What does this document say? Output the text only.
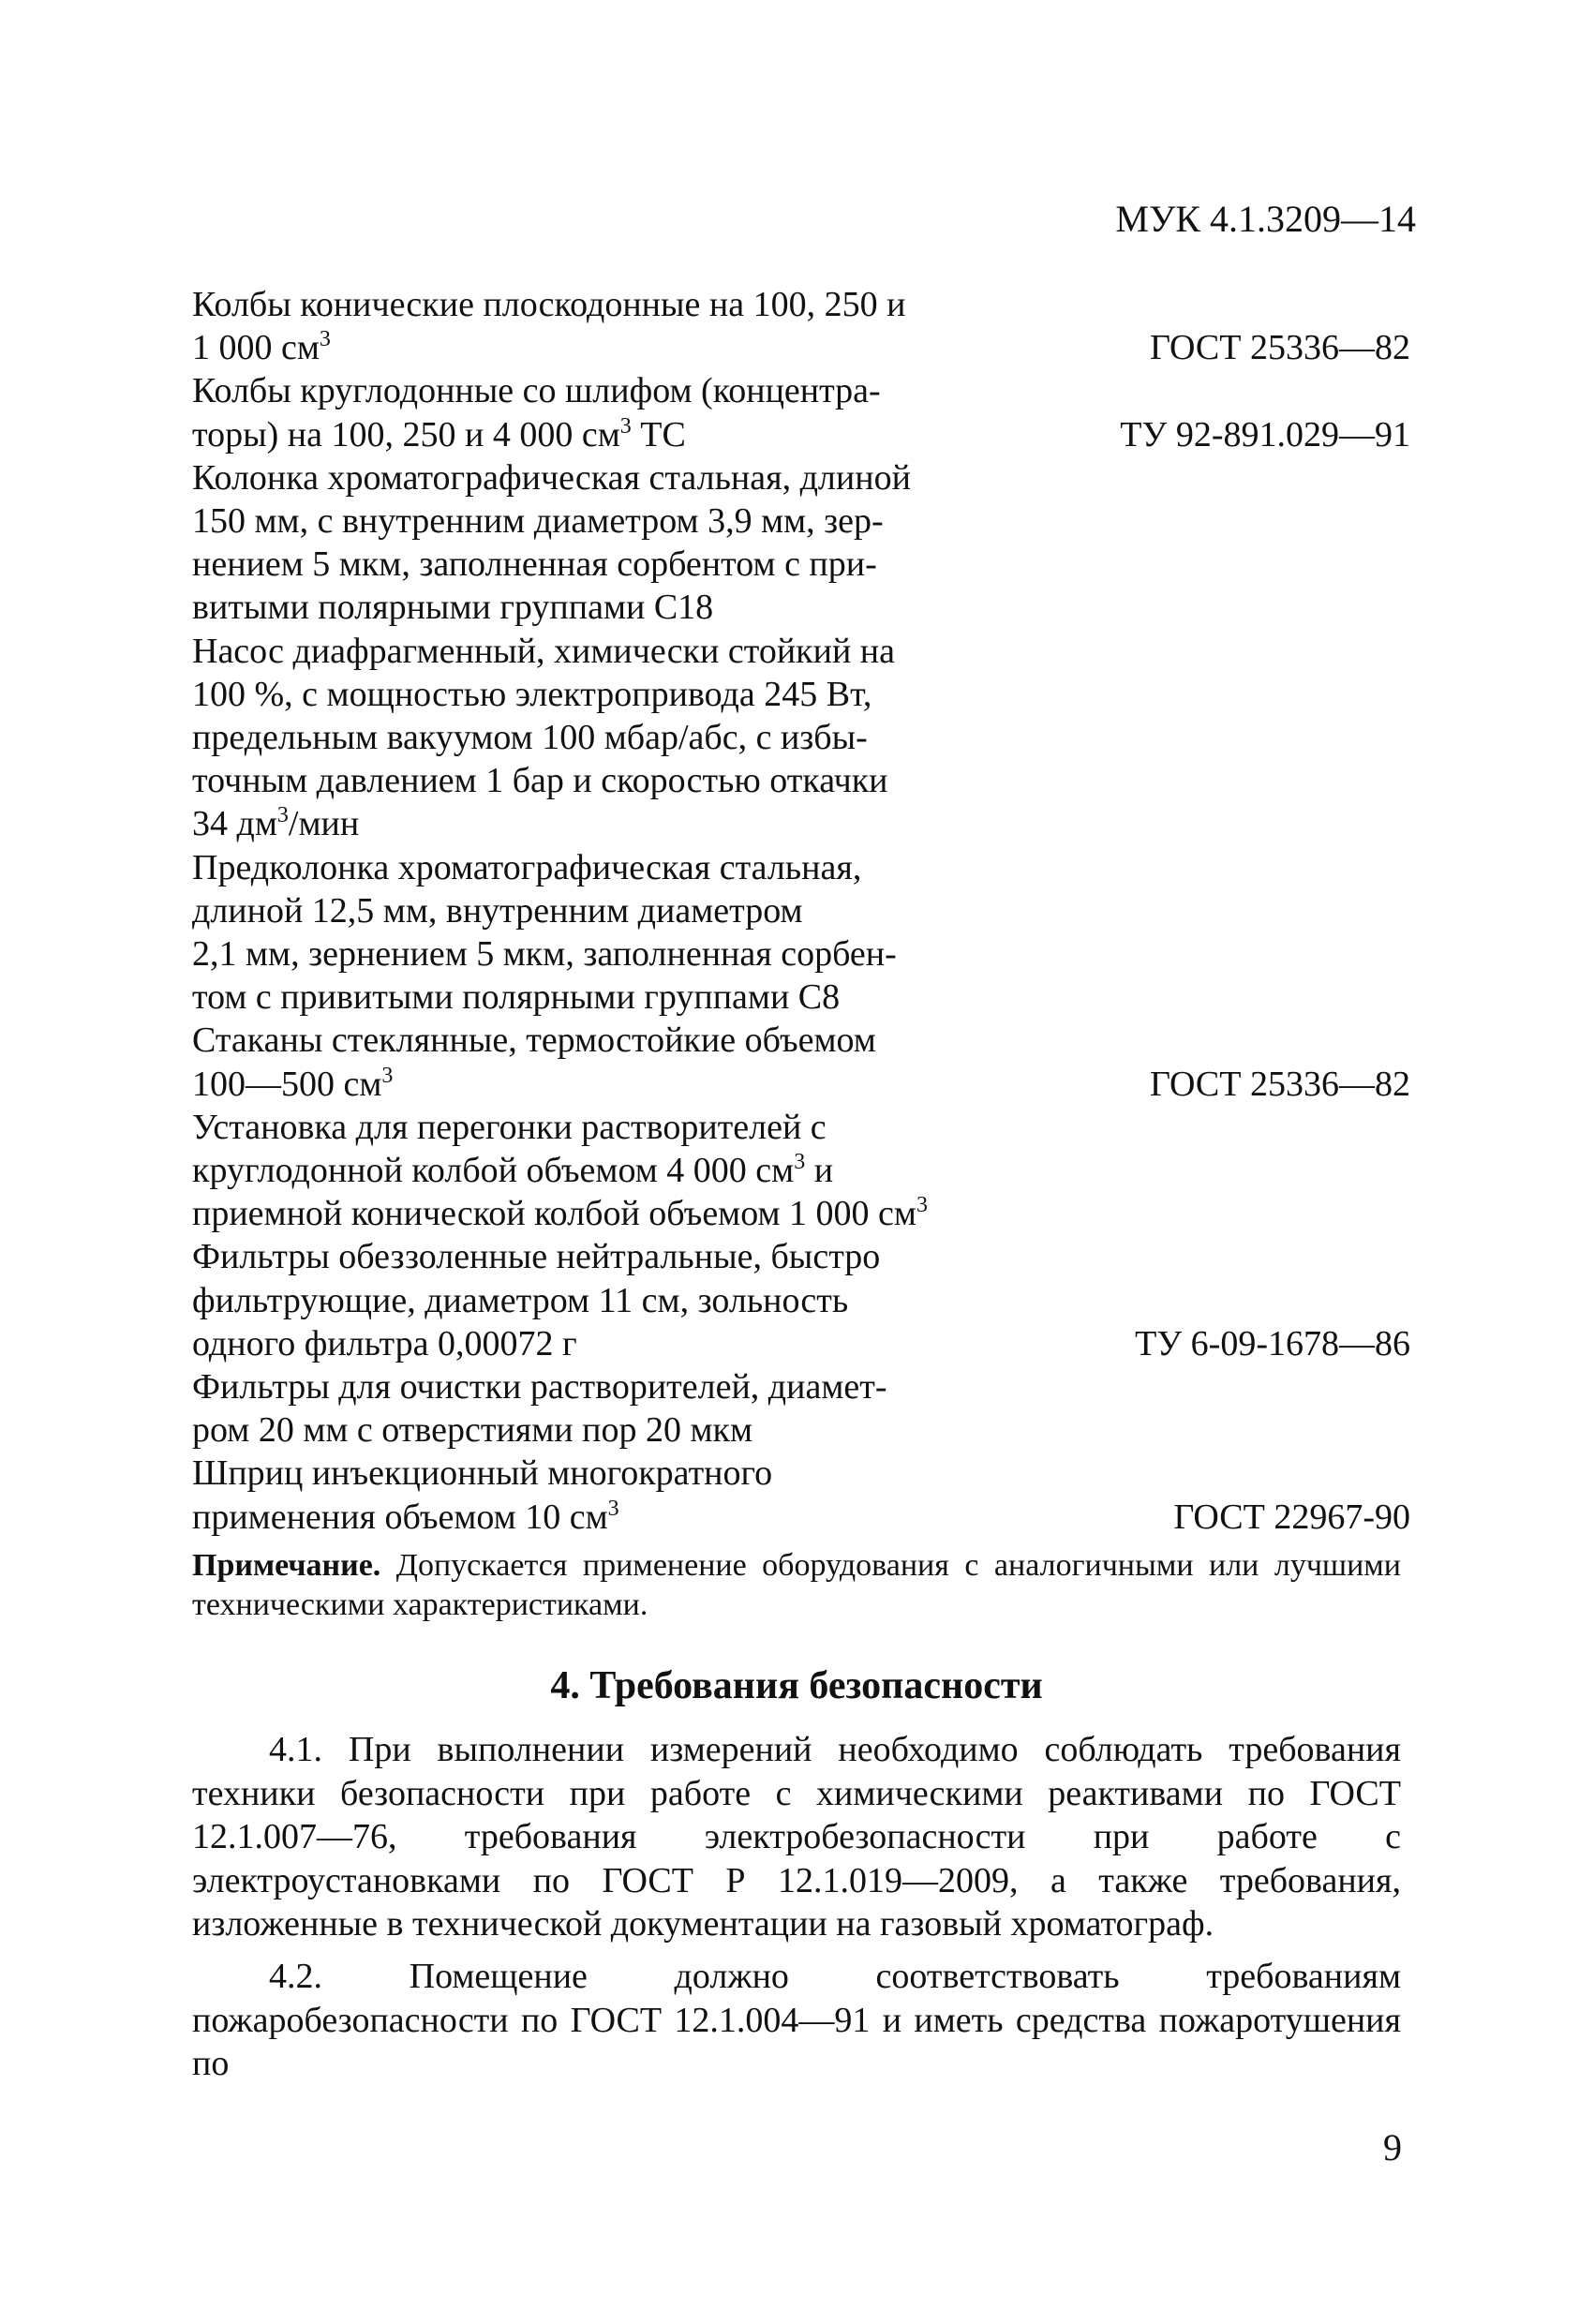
МУК 4.1.3209—14
Колбы конические плоскодонные на 100, 250 и
1 000 $см^3$	ГОСТ 25336—82
Колбы круглодонные со шлифом (концентра-
торы) на 100, 250 и 4 000 $см^3$ ТС	ТУ 92-891.029—91
Колонка хроматографическая стальная, длиной
150 мм, с внутренним диаметром 3,9 мм, зер-
нением 5 мкм, заполненная сорбентом с при-
витыми полярными группами С18
Насос диафрагменный, химически стойкий на
100 %, с мощностью электропривода 245 Вт,
предельным вакуумом 100 мбар/абс, с избы-
точным давлением 1 бар и скоростью откачки
34 $дм^3$/мин
Предколонка хроматографическая стальная,
длиной 12,5 мм, внутренним диаметром
2,1 мм, зернением 5 мкм, заполненная сорбен-
том с привитыми полярными группами С8
Стаканы стеклянные, термостойкие объемом
100—500 $см^3$	ГОСТ 25336—82
Установка для перегонки растворителей с
круглодонной колбой объемом 4 000 $см^3$ и
приемной конической колбой объемом 1 000 $см^3$
Фильтры обеззоленные нейтральные, быстро
фильтрующие, диаметром 11 см, зольность
одного фильтра 0,00072 г	ТУ 6-09-1678—86
Фильтры для очистки растворителей, диамет-
ром 20 мм с отверстиями пор 20 мкм
Шприц инъекционный многократного
применения объемом 10 $см^3$	ГОСТ 22967-90
Примечание. Допускается применение оборудования с аналогичными или лучшими техническими характеристиками.
4. Требования безопасности

4.1. При выполнении измерений необходимо соблюдать требования техники безопасности при работе с химическими реактивами по ГОСТ 12.1.007—76, требования электробезопасности при работе с электроустановками по ГОСТ Р 12.1.019—2009, а также требования, изложенные в технической документации на газовый хроматограф.

4.2. Помещение должно соответствовать требованиям пожаробезопасности по ГОСТ 12.1.004—91 и иметь средства пожаротушения по

9
